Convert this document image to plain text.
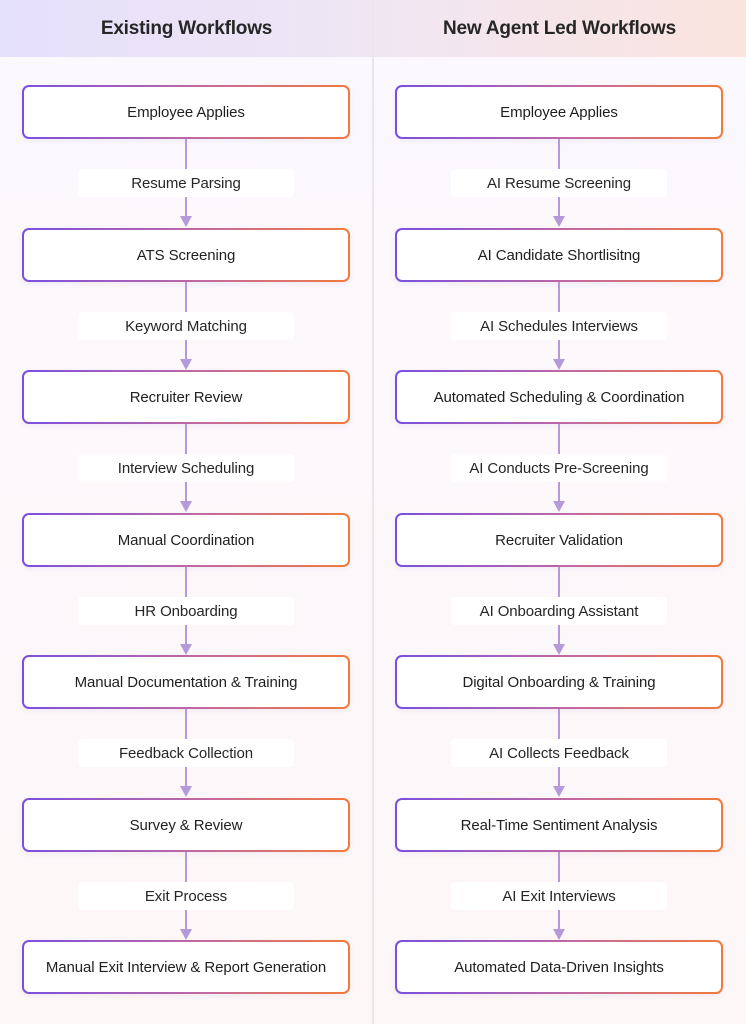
Existing Workflows	New Agent Led Workflows
Employee Applies
Resume Parsing
ATS Screening
Keyword Matching
Recruiter Review
Interview Scheduling
Manual Coordination
HR Onboarding
Manual Documentation & Training
Feedback Collection
Survey & Review
Exit Process
Manual Exit Interview & Report Generation
Employee Applies
AI Resume Screening
AI Candidate Shortlisitng
AI Schedules Interviews
Automated Scheduling & Coordination
AI Conducts Pre-Screening
Recruiter Validation
AI Onboarding Assistant
Digital Onboarding & Training
AI Collects Feedback
Real-Time Sentiment Analysis
AI Exit Interviews
Automated Data-Driven Insights
